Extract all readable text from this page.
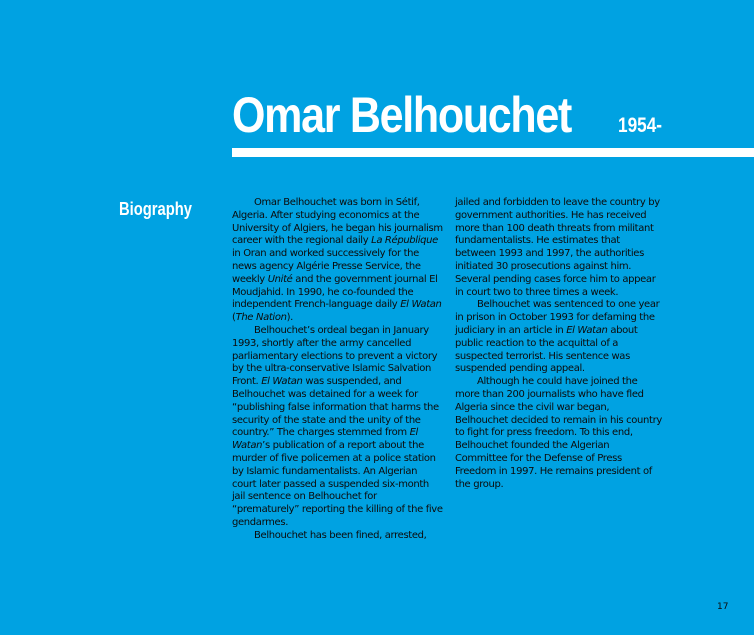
Omar Belhouchet 1954-
Biography	Omar Belhouchet was born in Sétif, Algeria. After studying economics at the University of Algiers, he began his journalism career with the regional daily La République in Oran and worked successively for the news agency Algérie Presse Service, the weekly Unité and the government journal El Moudjahid. In 1990, he co-founded the independent French-language daily El Watan (The Nation).

Belhouchet’s ordeal began in January 1993, shortly after the army cancelled parliamentary elections to prevent a victory by the ultra-conservative Islamic Salvation Front. El Watan was suspended, and Belhouchet was detained for a week for “publishing false information that harms the security of the state and the unity of the country.” The charges stemmed from El Watan’s publication of a report about the murder of five policemen at a police station by Islamic fundamentalists. An Algerian court later passed a suspended six-month jail sentence on Belhouchet for “prematurely” reporting the killing of the five gendarmes.

Belhouchet has been fined, arrested,

jailed and forbidden to leave the country by government authorities. He has received more than 100 death threats from militant fundamentalists. He estimates that between 1993 and 1997, the authorities initiated 30 prosecutions against him. Several pending cases force him to appear in court two to three times a week.

Belhouchet was sentenced to one year in prison in October 1993 for defaming the judiciary in an article in El Watan about public reaction to the acquittal of a suspected terrorist. His sentence was suspended pending appeal.

Although he could have joined the more than 200 journalists who have fled Algeria since the civil war began, Belhouchet decided to remain in his country to fight for press freedom. To this end, Belhouchet founded the Algerian Committee for the Defense of Press Freedom in 1997. He remains president of the group.

17
